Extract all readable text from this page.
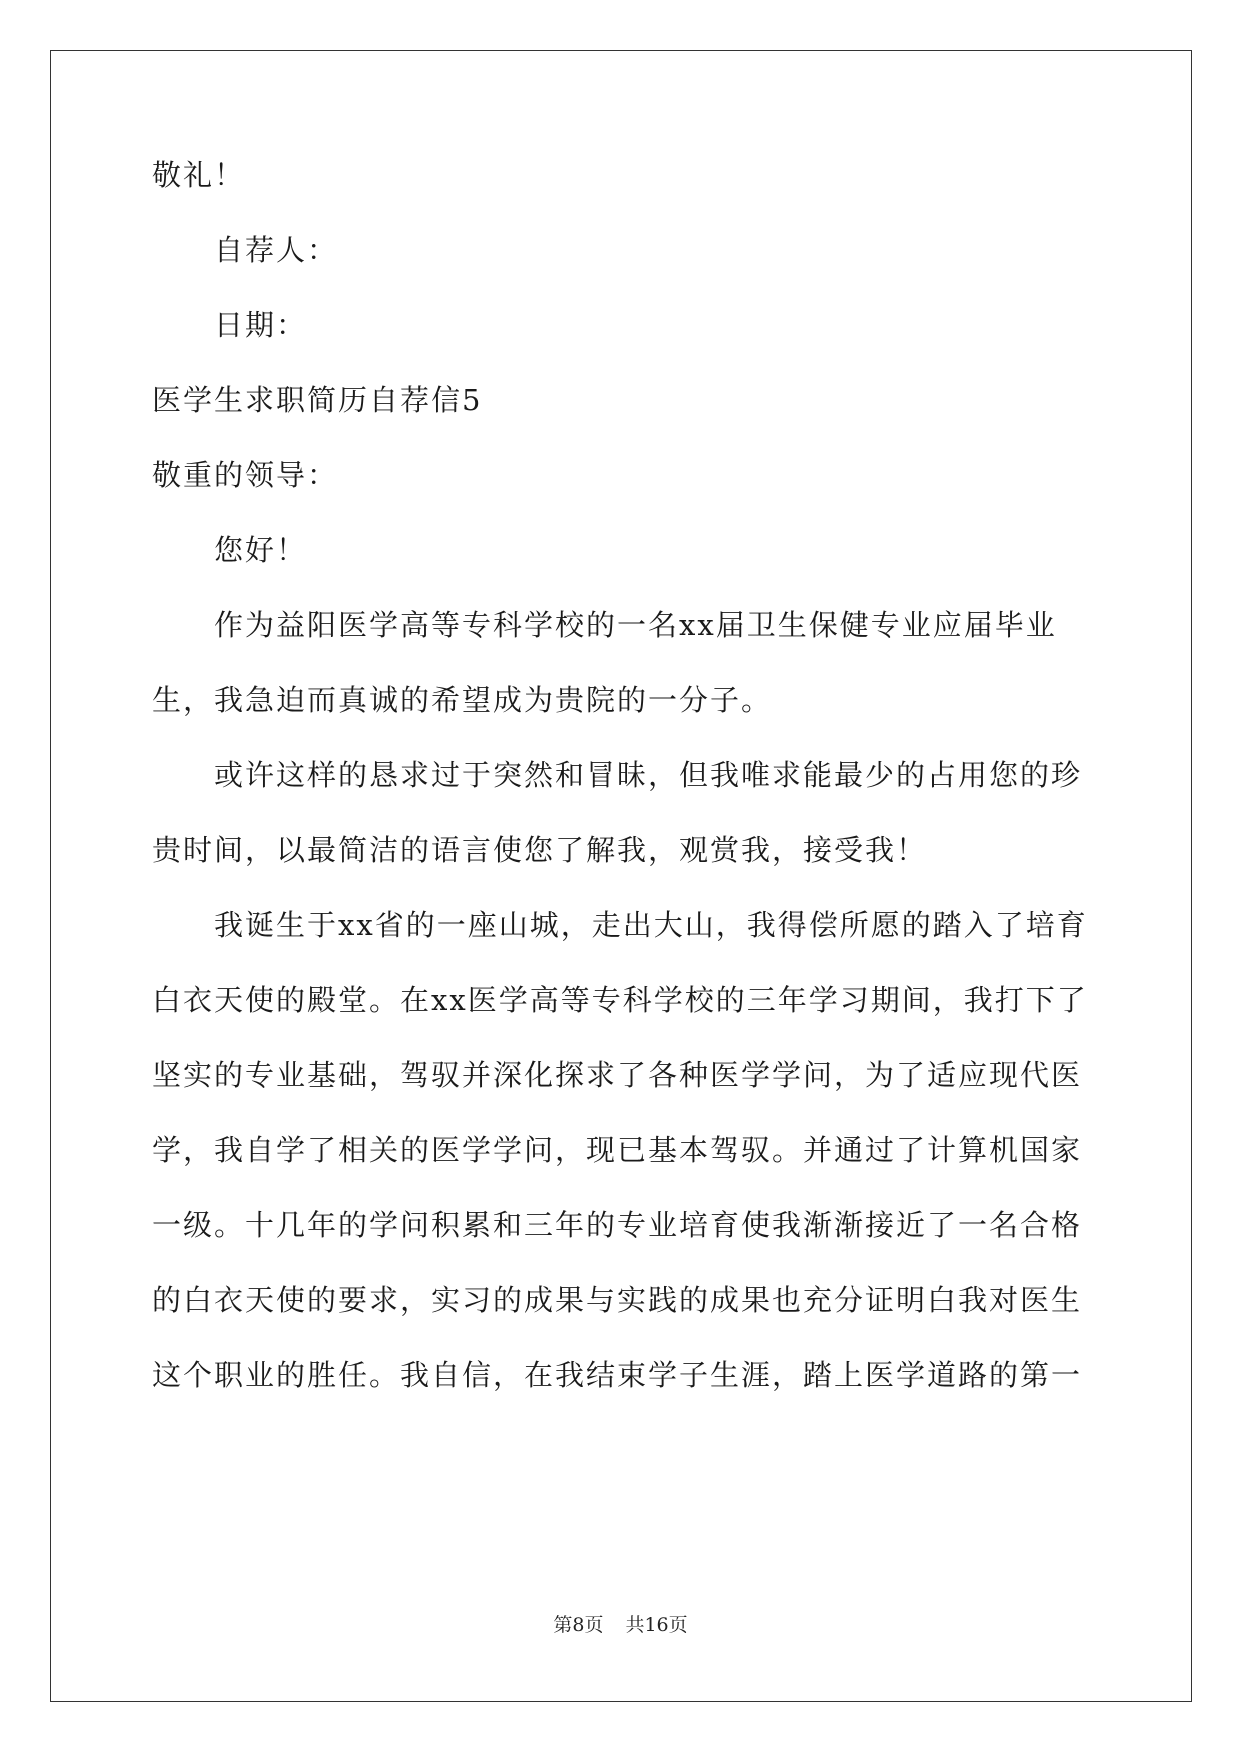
敬礼！
自荐人：
日期：
医学生求职简历自荐信5
敬重的领导：
您好！
作为益阳医学高等专科学校的一名xx届卫生保健专业应届毕业
生，我急迫而真诚的希望成为贵院的一分子。
或许这样的恳求过于突然和冒昧，但我唯求能最少的占用您的珍
贵时间，以最简洁的语言使您了解我，观赏我，接受我！
我诞生于xx省的一座山城，走出大山，我得偿所愿的踏入了培育
白衣天使的殿堂。在xx医学高等专科学校的三年学习期间，我打下了
坚实的专业基础，驾驭并深化探求了各种医学学问，为了适应现代医
学，我自学了相关的医学学问，现已基本驾驭。并通过了计算机国家
一级。十几年的学问积累和三年的专业培育使我渐渐接近了一名合格
的白衣天使的要求，实习的成果与实践的成果也充分证明白我对医生
这个职业的胜任。我自信，在我结束学子生涯，踏上医学道路的第一
第8页 共16页
